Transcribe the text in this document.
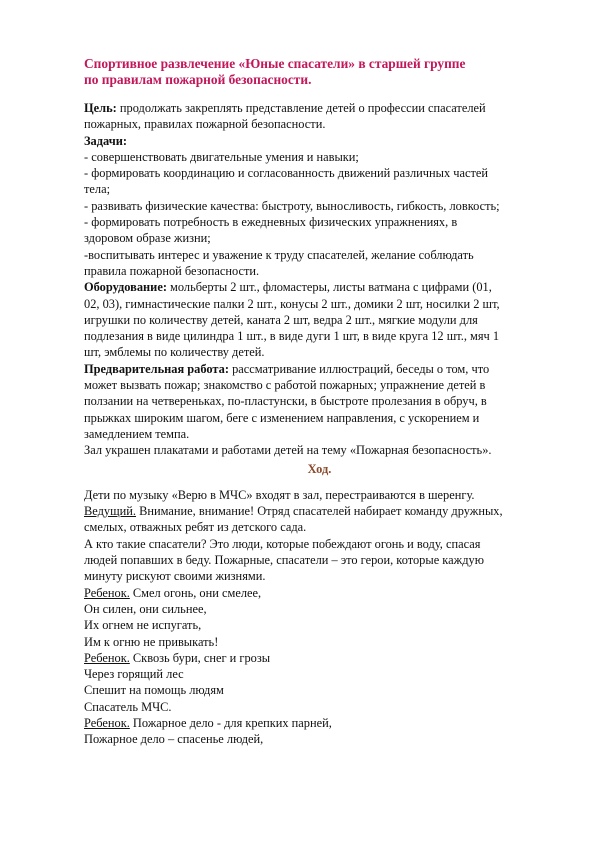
Спортивное развлечение «Юные спасатели» в старшей группе
по правилам пожарной безопасности.
Цель: продолжать закреплять представление детей о профессии спасателей
пожарных, правилах пожарной безопасности.
Задачи:
- совершенствовать двигательные умения и навыки;
- формировать координацию и согласованность движений различных частей
тела;
- развивать физические качества: быстроту, выносливость, гибкость, ловкость;
- формировать потребность в ежедневных физических упражнениях, в
здоровом образе жизни;
-воспитывать интерес и уважение к труду спасателей, желание соблюдать
правила пожарной безопасности.
Оборудование: мольберты 2 шт., фломастеры, листы ватмана с цифрами (01,
02, 03), гимнастические палки 2 шт., конусы 2 шт., домики 2 шт, носилки 2 шт,
игрушки по количеству детей, каната 2 шт, ведра 2 шт., мягкие модули для
подлезания в виде цилиндра 1 шт., в виде дуги 1 шт, в виде круга 12 шт., мяч 1
шт, эмблемы по количеству детей.
Предварительная работа: рассматривание иллюстраций, беседы о том, что
может вызвать пожар; знакомство с работой пожарных; упражнение детей в
ползании на четвереньках, по-пластунски, в быстроте пролезания в обруч, в
прыжках широким шагом, беге с изменением направления, с ускорением и
замедлением темпа.
Зал украшен плакатами и работами детей на тему «Пожарная безопасность».
Ход.
Дети по музыку «Верю в МЧС» входят в зал, перестраиваются в шеренгу.
Ведущий. Внимание, внимание! Отряд спасателей набирает команду дружных,
смелых, отважных ребят из детского сада.
А кто такие спасатели? Это люди, которые побеждают огонь и воду, спасая
людей попавших в беду. Пожарные, спасатели – это герои, которые каждую
минуту рискуют своими жизнями.
Ребенок. Смел огонь, они смелее,
Он силен, они сильнее,
Их огнем не испугать,
Им к огню не привыкать!
Ребенок. Сквозь бури, снег и грозы
Через горящий лес
Спешит на помощь людям
Спасатель МЧС.
Ребенок. Пожарное дело - для крепких парней,
Пожарное дело – спасенье людей,
